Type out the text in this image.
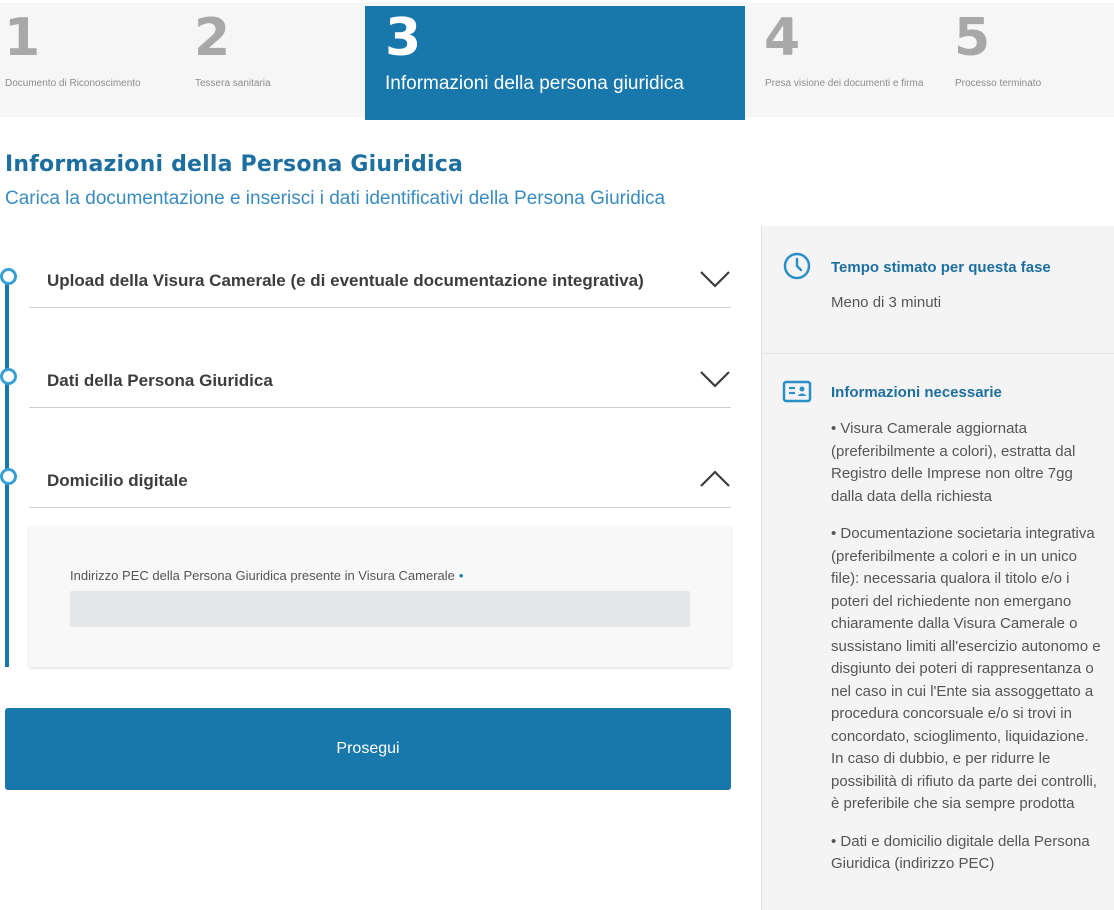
1
Documento di Riconoscimento
2
Tessera sanitaria
3
Informazioni della persona giuridica
4
Presa visione dei documenti e firma
5
Processo terminato
Informazioni della Persona Giuridica

Carica la documentazione e inserisci i dati identificativi della Persona Giuridica

Upload della Visura Camerale (e di eventuale documentazione integrativa)
Dati della Persona Giuridica
Domicilio digitale
Indirizzo PEC della Persona Giuridica presente in Visura Camerale •
Prosegui
Tempo stimato per questa fase
Meno di 3 minuti
Informazioni necessarie

• Visura Camerale aggiornata (preferibilmente a colori), estratta dal Registro delle Imprese non oltre 7gg dalla data della richiesta

• Documentazione societaria integrativa (preferibilmente a colori e in un unico file): necessaria qualora il titolo e/o i poteri del richiedente non emergano chiaramente dalla Visura Camerale o sussistano limiti all'esercizio autonomo e disgiunto dei poteri di rappresentanza o nel caso in cui l'Ente sia assoggettato a procedura concorsuale e/o si trovi in concordato, scioglimento, liquidazione. In caso di dubbio, e per ridurre le possibilità di rifiuto da parte dei controlli, è preferibile che sia sempre prodotta

• Dati e domicilio digitale della Persona Giuridica (indirizzo PEC)
